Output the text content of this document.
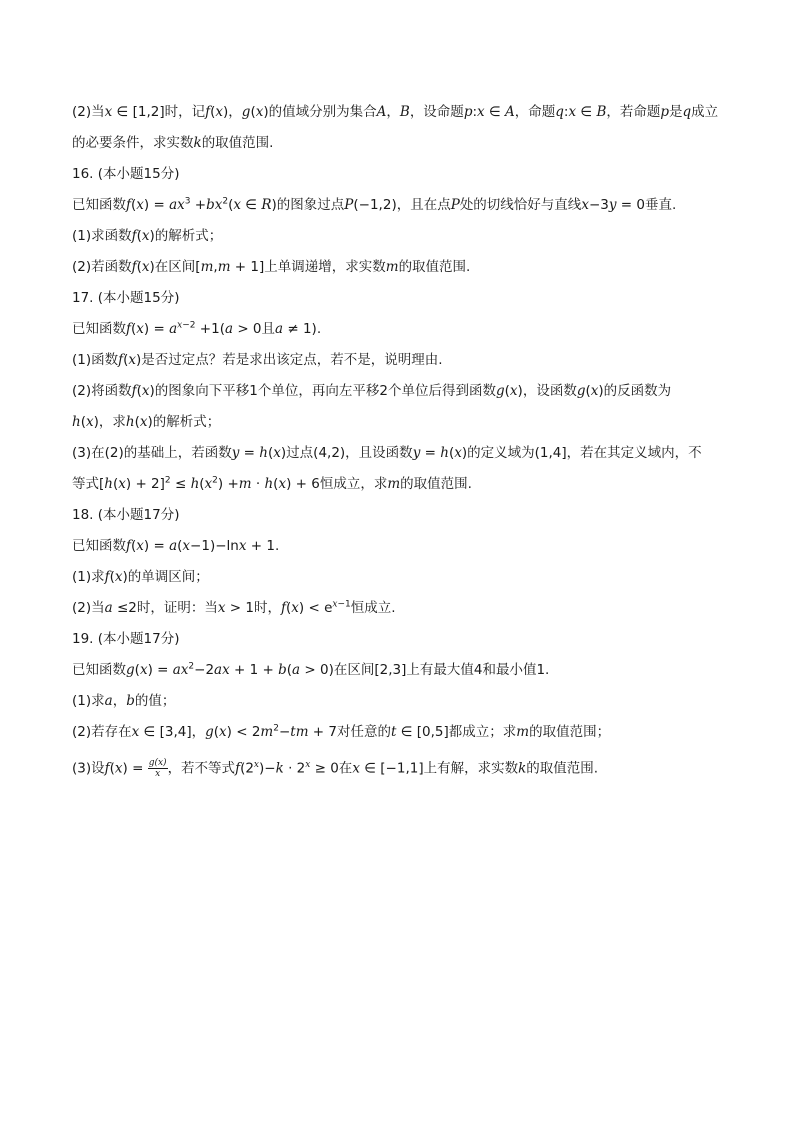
(2)当x ∈ [1,2]时，记f(x)，g(x)的值域分别为集合A，B，设命题p:x ∈ A，命题q:x ∈ B，若命题p是q成立
的必要条件，求实数k的取值范围.
16. (本小题15分)
已知函数$f(x) = ax^3 +bx^2(x$ ∈ R)的图象过点P(−1,2)，且在点P处的切线恰好与直线x−3y = 0垂直.
(1)求函数f(x)的解析式；
(2)若函数f(x)在区间[m,m + 1]上单调递增，求实数m的取值范围.
17. (本小题15分)
已知函数$f(x) = a^{x-2} +1(a > 0$且a ≠ 1).
(1)函数f(x)是否过定点？若是求出该定点，若不是，说明理由.
(2)将函数f(x)的图象向下平移1个单位，再向左平移2个单位后得到函数g(x)，设函数g(x)的反函数为
h(x)，求h(x)的解析式；
(3)在(2)的基础上，若函数y = h(x)过点(4,2)，且设函数y = h(x)的定义域为(1,4]，若在其定义域内，不
等式$[h(x) + 2]^2 \le h(x^2) +m \cdot h(x) + 6$恒成立，求m的取值范围.
18. (本小题17分)
已知函数f(x) = a(x−1)−lnx + 1.
(1)求f(x)的单调区间；
(2)当a ≤2时，证明：当x > 1时，$f(x) < e^{x-1}$恒成立.
19. (本小题17分)
已知函数$g(x) = ax^2-2ax + 1 + b(a > 0)$在区间[2,3]上有最大值4和最小值1.
(1)求a，b的值；
(2)若存在x ∈ [3,4]，$g(x) < 2m^2-tm + 7$对任意的t ∈ [0,5]都成立；求m的取值范围；
(3)设$f(x) = \frac{g(x)}{x}$ ，若不等式$f(2^x)-k \cdot 2^x \ge 0$在x ∈ [−1,1]上有解，求实数k的取值范围.
